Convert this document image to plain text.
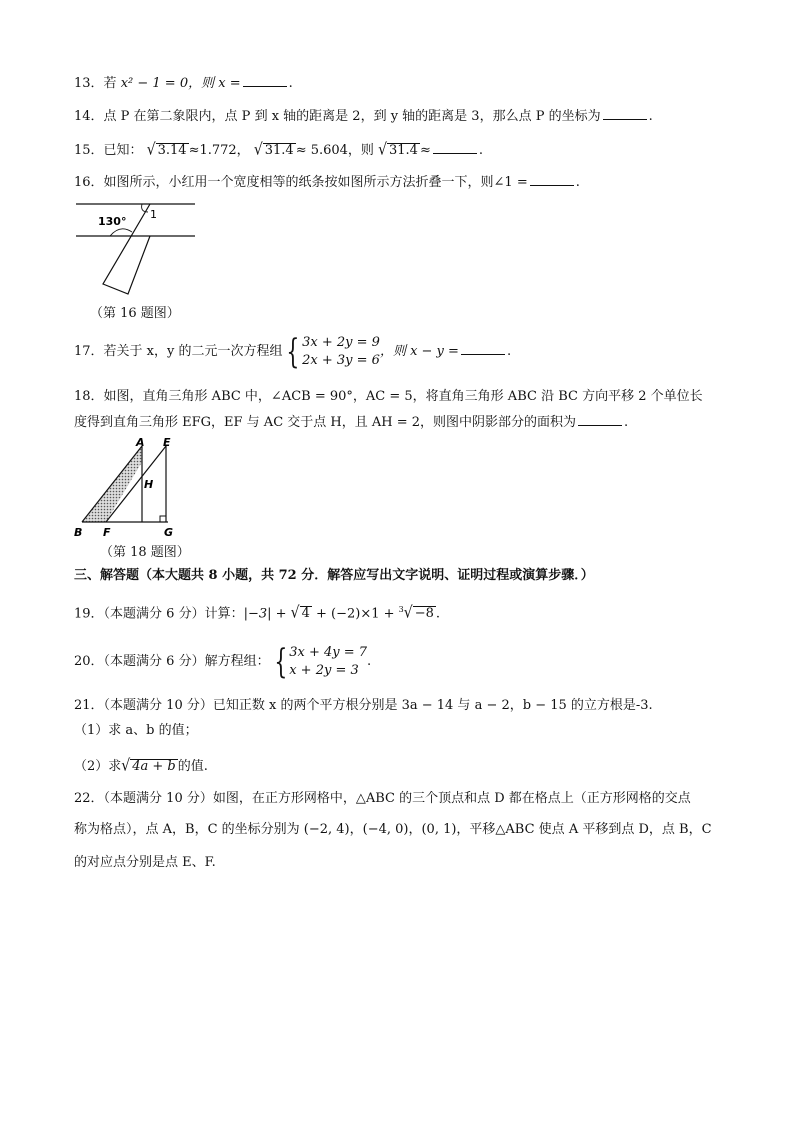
13．若 x² − 1 = 0，则 x =	.
14．点 P 在第二象限内，点 P 到 x 轴的距离是 2，到 y 轴的距离是 3，那么点 P 的坐标为	.
15．已知： √ 3.14 ≈1.772， √ 31.4 ≈ 5.604，则 √ 31.4 ≈	.
16．如图所示，小红用一个宽度相等的纸条按如图所示方法折叠一下，则∠1 =	.
130°
1
（第 16 题图）
17．若关于 x，y 的二元一次方程组 { 3x + 2y = 9
2x + 3y = 6
，则 x − y =	.
18．如图，直角三角形 ABC 中，∠ACB = 90°，AC = 5，将直角三角形 ABC 沿 BC 方向平移 2 个单位长
度得到直角三角形 EFG，EF 与 AC 交于点 H，且 AH = 2，则图中阴影部分的面积为	.
A E
H
B F	G
（第 18 题图）
三、解答题（本大题共 8 小题，共 72 分．解答应写出文字说明、证明过程或演算步骤．）
19．（本题满分 6 分）计算：|−3| + √ 4 + (−2)×1 + $^3$√ −8 .
20．（本题满分 6 分）解方程组： { 3x + 4y = 7
x + 2y = 3
.
21．（本题满分 10 分）已知正数 x 的两个平方根分别是 3a − 14 与 a − 2，b − 15 的立方根是-3.
（1）求 a、b 的值；
（2）求√ 4a + b 的值.
22．（本题满分 10 分）如图，在正方形网格中，△ABC 的三个顶点和点 D 都在格点上（正方形网格的交点
称为格点），点 A，B，C 的坐标分别为 (−2, 4)，(−4, 0)，(0, 1)，平移△ABC 使点 A 平移到点 D，点 B，C
的对应点分别是点 E、F.
